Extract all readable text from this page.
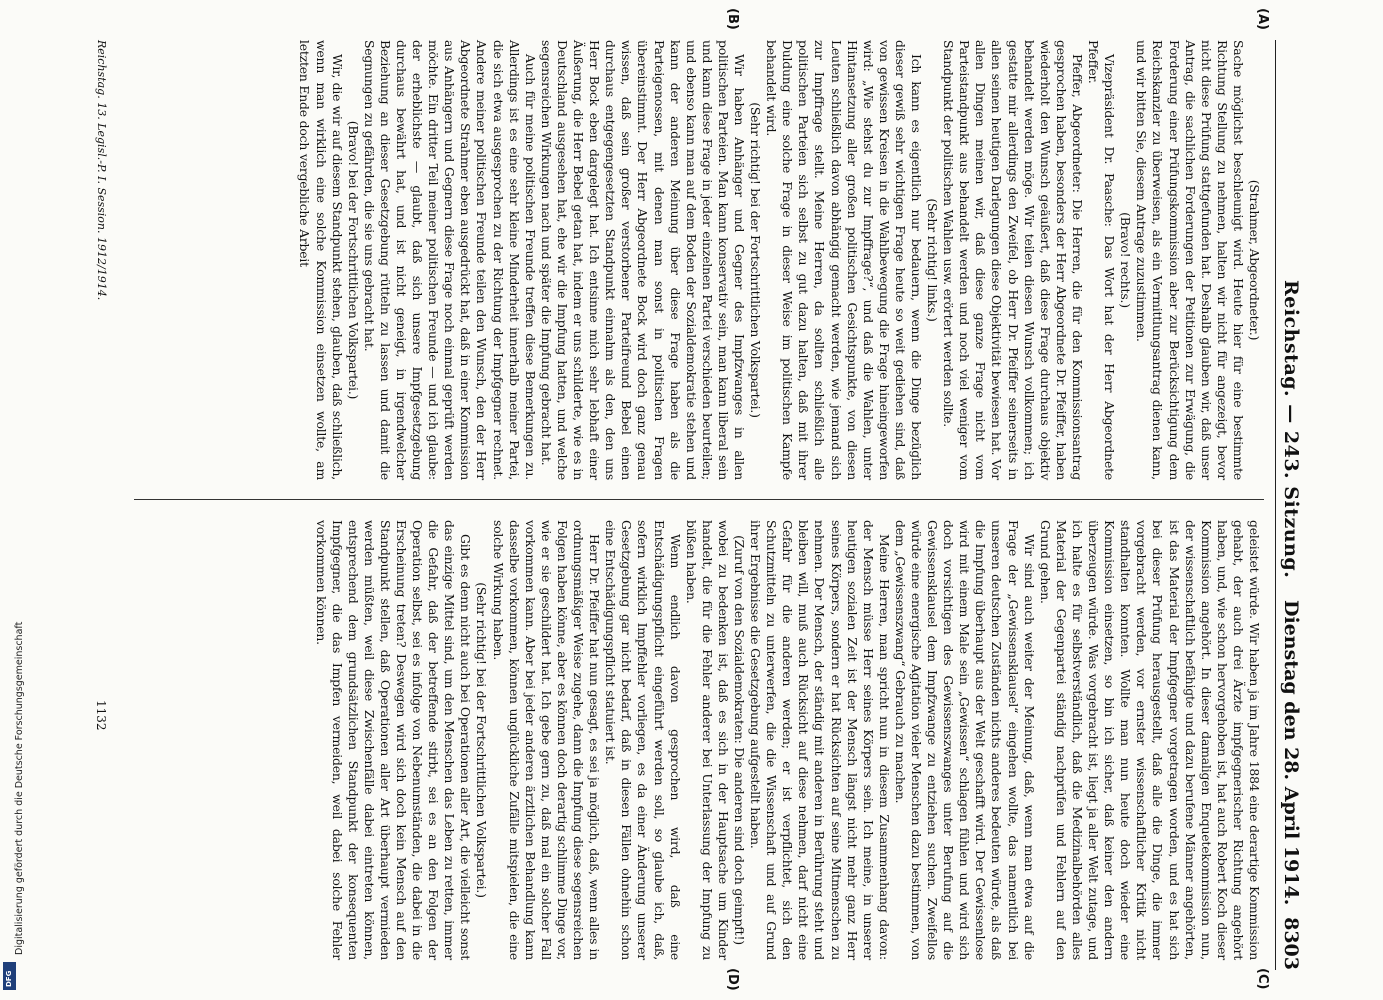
Reichstag. — 243. Sitzung.
Dienstag den 28. April 1914.
8303
(A)
(B)
(C)
(D)

(Strahmer, Abgeordneter.)

Sache möglichst beschleunigt wird. Heute hier für eine bestimmte Richtung Stellung zu nehmen, halten wir nicht für angezeigt, bevor nicht diese Prüfung stattgefunden hat. Deshalb glauben wir, daß unser Antrag, die sachlichen Forderungen der Petitionen zur Erwägung, die Forderung einer Prüfungskommission aber zur Berücksichtigung dem Reichskanzler zu überweisen, als ein Vermittlungsantrag dienen kann, und wir bitten Sie, diesem Antrage zuzustimmen.

(Bravo! rechts.)

Vizepräsident Dr. Paasche: Das Wort hat der Herr Abgeordnete Pfeffer.

Pfeffer, Abgeordneter: Die Herren, die für den Kommissionsantrag gesprochen haben, besonders der Herr Abgeordnete Dr. Pfeiffer, haben wiederholt den Wunsch geäußert, daß diese Frage durchaus objektiv behandelt werden möge. Wir teilen diesen Wunsch vollkommen; ich gestatte mir allerdings den Zweifel, ob Herr Dr. Pfeiffer seinerseits in allen seinen heutigen Darlegungen diese Objektivität bewiesen hat. Vor allen Dingen meinen wir, daß diese ganze Frage nicht vom Parteistandpunkt aus behandelt werden und noch viel weniger vom Standpunkt der politischen Wahlen usw. erörtert werden sollte.

(Sehr richtig! links.)

Ich kann es eigentlich nur bedauern, wenn die Dinge bezüglich dieser gewiß sehr wichtigen Frage heute so weit gediehen sind, daß von gewissen Kreisen in die Wahlbewegung die Frage hineingeworfen wird: „Wie stehst du zur Impffrage?“, und daß die Wahlen, unter Hintansetzung aller großen politischen Gesichtspunkte, von diesen Leuten schließlich davon abhängig gemacht werden, wie jemand sich zur Impffrage stellt. Meine Herren, da sollten schließlich alle politischen Parteien sich selbst zu gut dazu halten, daß mit ihrer Duldung eine solche Frage in dieser Weise im politischen Kampfe behandelt wird.

(Sehr richtig! bei der Fortschrittlichen Volkspartei.)

Wir haben Anhänger und Gegner des Impfzwanges in allen politischen Parteien. Man kann konservativ sein, man kann liberal sein und kann diese Frage in jeder einzelnen Partei verschieden beurteilen; und ebenso kann man auf dem Boden der Sozialdemokratie stehen und kann der anderen Meinung über diese Frage haben als die Parteigenossen, mit denen man sonst in politischen Fragen übereinstimmt. Der Herr Abgeordnete Bock wird doch ganz genau wissen, daß sein großer verstorbener Parteifreund Bebel einen durchaus entgegengesetzten Standpunkt einnahm als den, den uns Herr Bock eben dargelegt hat. Ich entsinne mich sehr lebhaft einer Äußerung, die Herr Bebel getan hat, indem er uns schilderte, wie es in Deutschland ausgesehen hat, ehe wir die Impfung hatten, und welche segensreichen Wirkungen nach und später die Impfung gebracht hat.

Auch für meine politischen Freunde treffen diese Bemerkungen zu. Allerdings ist es eine sehr kleine Minderheit innerhalb meiner Partei, die sich etwa ausgesprochen zu der Richtung der Impfgegner rechnet. Andere meiner politischen Freunde teilen den Wunsch, den der Herr Abgeordnete Strahmer eben ausgedrückt hat, daß in einer Kommission aus Anhängern und Gegnern diese Frage noch einmal geprüft werden möchte. Ein dritter Teil meiner politischen Freunde — und ich glaube: der erheblichste — glaubt, daß sich unsere Impfgesetzgebung durchaus bewährt hat, und ist nicht geneigt, in irgendwelcher Beziehung an dieser Gesetzgebung rütteln zu lassen und damit die Segnungen zu gefährden, die sie uns gebracht hat.

(Bravo! bei der Fortschrittlichen Volkspartei.)

Wir, die wir auf diesem Standpunkt stehen, glauben, daß schließlich, wenn man wirklich eine solche Kommission einsetzen wollte, am letzten Ende doch vergebliche Arbeit

geleistet würde. Wir haben ja im Jahre 1884 eine derartige Kommission gehabt, der auch drei Ärzte impfgegnerischer Richtung angehört haben, und, wie schon hervorgehoben ist, hat auch Robert Koch dieser Kommission angehört. In dieser damaligen Enquetekommission nun, der wissenschaftlich befähigte und dazu berufene Männer angehörten, ist das Material der Impfgegner vorgetragen worden, und es hat sich bei dieser Prüfung herausgestellt, daß alle die Dinge, die immer vorgebracht werden, vor ernster wissenschaftlicher Kritik nicht standhalten konnten. Wollte man nun heute doch wieder eine Kommission einsetzen, so bin ich sicher, daß keiner den andern überzeugen würde. Was vorgebracht ist, liegt ja aller Welt zutage, und ich halte es für selbstverständlich, daß die Medizinalbehörden alles Material der Gegenpartei ständig nachprüfen und Fehlern auf den Grund gehen.

Wir sind auch weiter der Meinung, daß, wenn man etwa auf die Frage der „Gewissensklausel“ eingehen wollte, das namentlich bei unseren deutschen Zuständen nichts anderes bedeuten würde, als daß die Impfung überhaupt aus der Welt geschafft wird. Der Gewissenlose wird mit einem Male sein „Gewissen“ schlagen fühlen und wird sich doch vorsichtigen des Gewissenszwanges unter Berufung auf die Gewissensklausel dem Impfzwange zu entziehen suchen. Zweifellos würde eine energische Agitation vieler Menschen dazu bestimmen, von dem „Gewissenszwang“ Gebrauch zu machen.

Meine Herren, man spricht nun in diesem Zusammenhang davon: der Mensch müsse Herr seines Körpers sein. Ich meine, in unserer heutigen sozialen Zeit ist der Mensch längst nicht mehr ganz Herr seines Körpers, sondern er hat Rücksichten auf seine Mitmenschen zu nehmen. Der Mensch, der ständig mit anderen in Berührung steht und bleiben will, muß auch Rücksicht auf diese nehmen, darf nicht eine Gefahr für die anderen werden; er ist verpflichtet, sich den Schutzmitteln zu unterwerfen, die die Wissenschaft und auf Grund ihrer Ergebnisse die Gesetzgebung aufgestellt haben.

(Zuruf von den Sozialdemokraten: Die anderen sind doch geimpft!)

wobei zu bedenken ist, daß es sich in der Hauptsache um Kinder handelt, die für die Fehler anderer bei Unterlassung der Impfung zu büßen haben.

Wenn endlich davon gesprochen wird, daß eine Entschädigungspflicht eingeführt werden soll, so glaube ich, daß, sofern wirklich Impffehler vorliegen, es da einer Änderung unserer Gesetzgebung gar nicht bedarf, daß in diesen Fällen ohnehin schon eine Entschädigungspflicht statuiert ist.

Herr Dr. Pfeiffer hat nun gesagt, es sei ja möglich, daß, wenn alles in ordnungsmäßiger Weise zugehe, dann die Impfung diese segensreichen Folgen haben könne, aber es können doch derartig schlimme Dinge vor, wie er sie geschildert hat. Ich gebe gern zu, daß mal ein solcher Fall vorkommen kann. Aber bei jeder anderen ärztlichen Behandlung kann dasselbe vorkommen, können unglückliche Zufälle mitspielen, die eine solche Wirkung haben.

(Sehr richtig! bei der Fortschrittlichen Volkspartei.)

Gibt es denn nicht auch bei Operationen aller Art, die vielleicht sonst das einzige Mittel sind, um den Menschen das Leben zu retten, immer die Gefahr, daß der betreffende stirbt, sei es an den Folgen der Operation selbst, sei es infolge von Nebenumständen, die dabei in die Erscheinung treten? Deswegen wird sich doch kein Mensch auf den Standpunkt stellen, daß Operationen aller Art überhaupt vermieden werden müßten, weil diese Zwischenfälle dabei eintreten können, entsprechend dem grundsätzlichen Standpunkt der konsequenten Impfgegner, die das Impfen vermeiden, weil dabei solche Fehler vorkommen können.

Reichstag. 13. Legisl.-P. I. Session. 1912/1914.
1132
DFG
Digitalisierung gefördert durch die Deutsche Forschungsgemeinschaft
